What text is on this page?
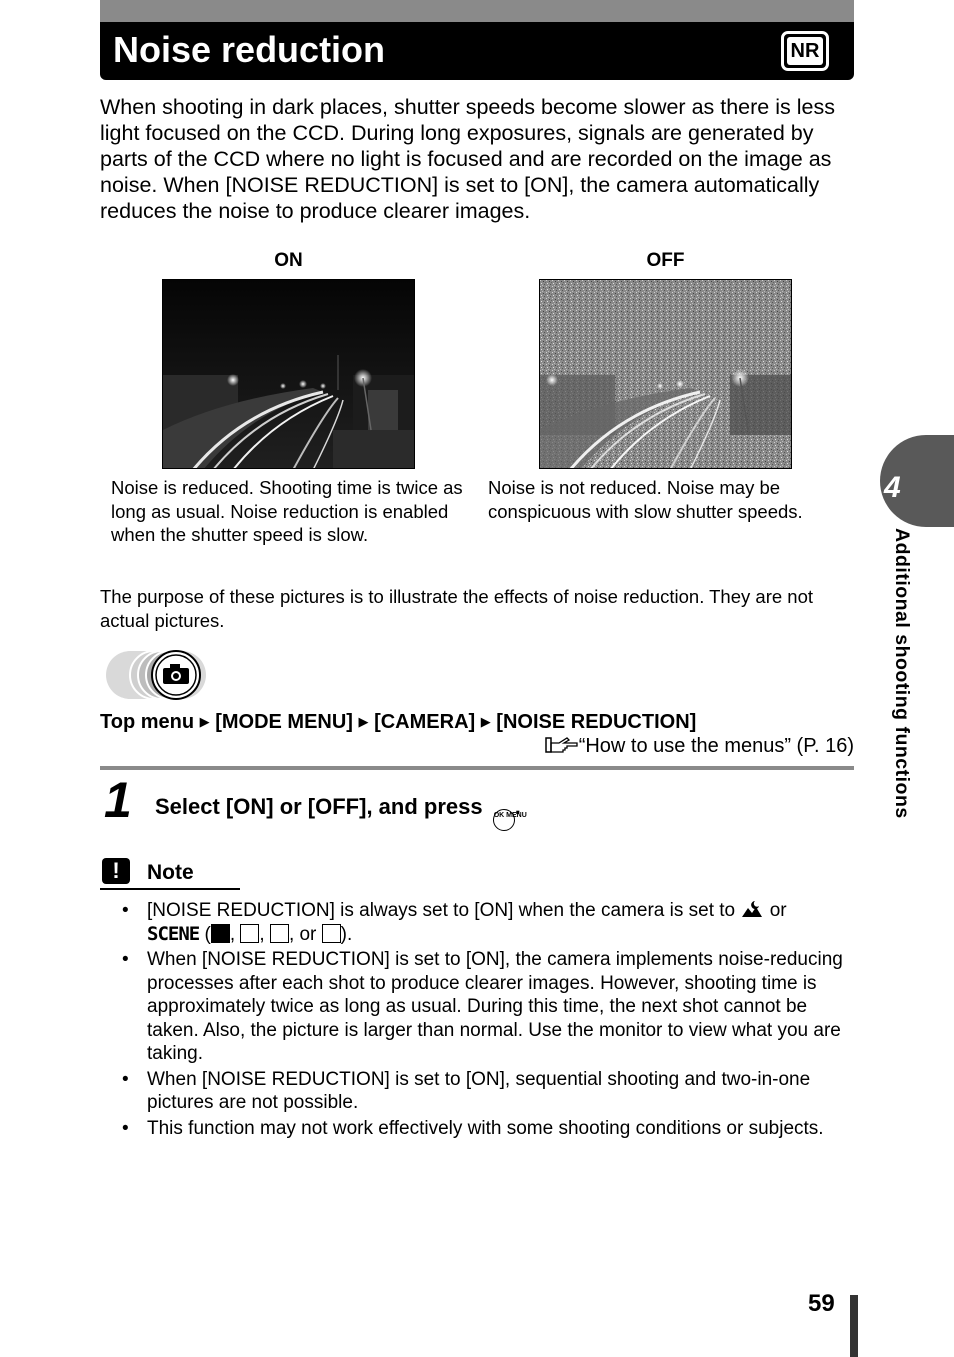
Noise reduction	NR
When shooting in dark places, shutter speeds become slower as there is less light focused on the CCD. During long exposures, signals are generated by parts of the CCD where no light is focused and are recorded on the image as noise. When [NOISE REDUCTION] is set to [ON], the camera automatically reduces the noise to produce clearer images.
ON	OFF
Noise is reduced. Shooting time is twice as long as usual. Noise reduction is enabled when the shutter speed is slow.
Noise is not reduced. Noise may be conspicuous with slow shutter speeds.
The purpose of these pictures is to illustrate the effects of noise reduction. They are not actual pictures.
Top menu ▶ [MODE MENU] ▶ [CAMERA] ▶ [NOISE REDUCTION]
“How to use the menus” (P. 16)
1 Select [ON] or [OFF], and press OK MENU.
!	Note
• [NOISE REDUCTION] is always set to [ON] when the camera is set to or
SCENE ( , , , or ).
• When [NOISE REDUCTION] is set to [ON], the camera implements noise-reducing processes after each shot to produce clearer images. However, shooting time is approximately twice as long as usual. During this time, the next shot cannot be taken. Also, the picture is larger than normal. Use the monitor to view what you are taking.
• When [NOISE REDUCTION] is set to [ON], sequential shooting and two-in-one pictures are not possible.
• This function may not work effectively with some shooting conditions or subjects.
4
Additional shooting functions
59
